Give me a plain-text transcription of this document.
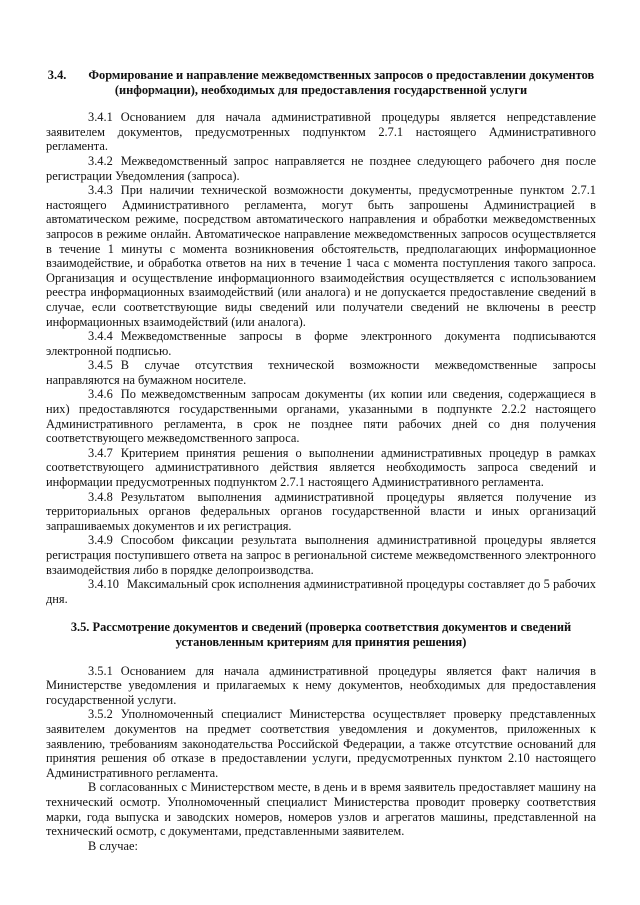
3.4. Формирование и направление межведомственных запросов о предоставлении документов (информации), необходимых для предоставления государственной услуги

3.4.1 Основанием для начала административной процедуры является непредставление заявителем документов, предусмотренных подпунктом 2.7.1 настоящего Административного регламента.

3.4.2 Межведомственный запрос направляется не позднее следующего рабочего дня после регистрации Уведомления (запроса).

3.4.3 При наличии технической возможности документы, предусмотренные пунктом 2.7.1 настоящего Административного регламента, могут быть запрошены Администрацией в автоматическом режиме, посредством автоматического направления и обработки межведомственных запросов в режиме онлайн. Автоматическое направление межведомственных запросов осуществляется в течение 1 минуты с момента возникновения обстоятельств, предполагающих информационное взаимодействие, и обработка ответов на них в течение 1 часа с момента поступления такого запроса. Организация и осуществление информационного взаимодействия осуществляется с использованием реестра информационных взаимодействий (или аналога) и не допускается предоставление сведений в случае, если соответствующие виды сведений или получатели сведений не включены в реестр информационных взаимодействий (или аналога).

3.4.4 Межведомственные запросы в форме электронного документа подписываются электронной подписью.

3.4.5 В случае отсутствия технической возможности межведомственные запросы направляются на бумажном носителе.

3.4.6 По межведомственным запросам документы (их копии или сведения, содержащиеся в них) предоставляются государственными органами, указанными в подпункте 2.2.2 настоящего Административного регламента, в срок не позднее пяти рабочих дней со дня получения соответствующего межведомственного запроса.

3.4.7 Критерием принятия решения о выполнении административных процедур в рамках соответствующего административного действия является необходимость запроса сведений и информации предусмотренных подпунктом 2.7.1 настоящего Административного регламента.

3.4.8 Результатом выполнения административной процедуры является получение из территориальных органов федеральных органов государственной власти и иных организаций запрашиваемых документов и их регистрация.

3.4.9 Способом фиксации результата выполнения административной процедуры является регистрация поступившего ответа на запрос в региональной системе межведомственного электронного взаимодействия либо в порядке делопроизводства.

3.4.10 Максимальный срок исполнения административной процедуры составляет до 5 рабочих дня.

3.5. Рассмотрение документов и сведений (проверка соответствия документов и сведений установленным критериям для принятия решения)

3.5.1 Основанием для начала административной процедуры является факт наличия в Министерстве уведомления и прилагаемых к нему документов, необходимых для предоставления государственной услуги.

3.5.2 Уполномоченный специалист Министерства осуществляет проверку представленных заявителем документов на предмет соответствия уведомления и документов, приложенных к заявлению, требованиям законодательства Российской Федерации, а также отсутствие оснований для принятия решения об отказе в предоставлении услуги, предусмотренных пунктом 2.10 настоящего Административного регламента.

В согласованных с Министерством месте, в день и в время заявитель предоставляет машину на технический осмотр. Уполномоченный специалист Министерства проводит проверку соответствия марки, года выпуска и заводских номеров, номеров узлов и агрегатов машины, представленной на технический осмотр, с документами, представленными заявителем.

В случае:
